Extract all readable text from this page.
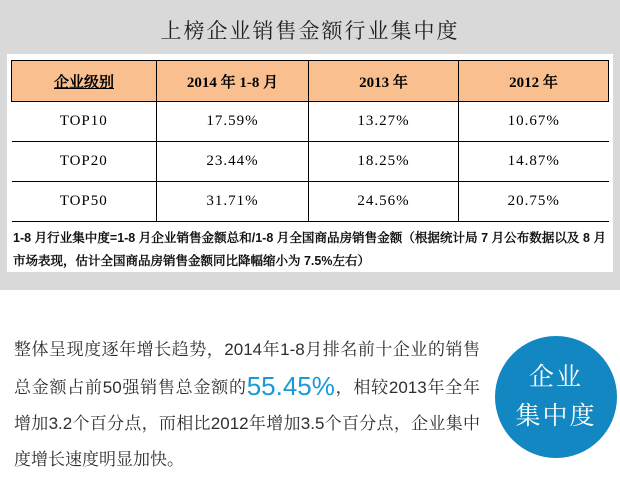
上榜企业销售金额行业集中度
企业级别	2014 年 1-8 月	2013 年	2012 年
TOP10	17.59%	13.27%	10.67%
TOP20	23.44%	18.25%	14.87%
TOP50	31.71%	24.56%	20.75%
1-8 月行业集中度=1-8 月企业销售金额总和/1-8 月全国商品房销售金额（根据统计局 7 月公布数据以及 8 月市场表现，估计全国商品房销售金额同比降幅缩小为 7.5%左右）
整体呈现度逐年增长趋势，2014年1-8月排名前十企业的销售总金额占前50强销售总金额的55.45%，相较2013年全年增加3.2个百分点，而相比2012年增加3.5个百分点，企业集中度增长速度明显加快。
企业
集中度
